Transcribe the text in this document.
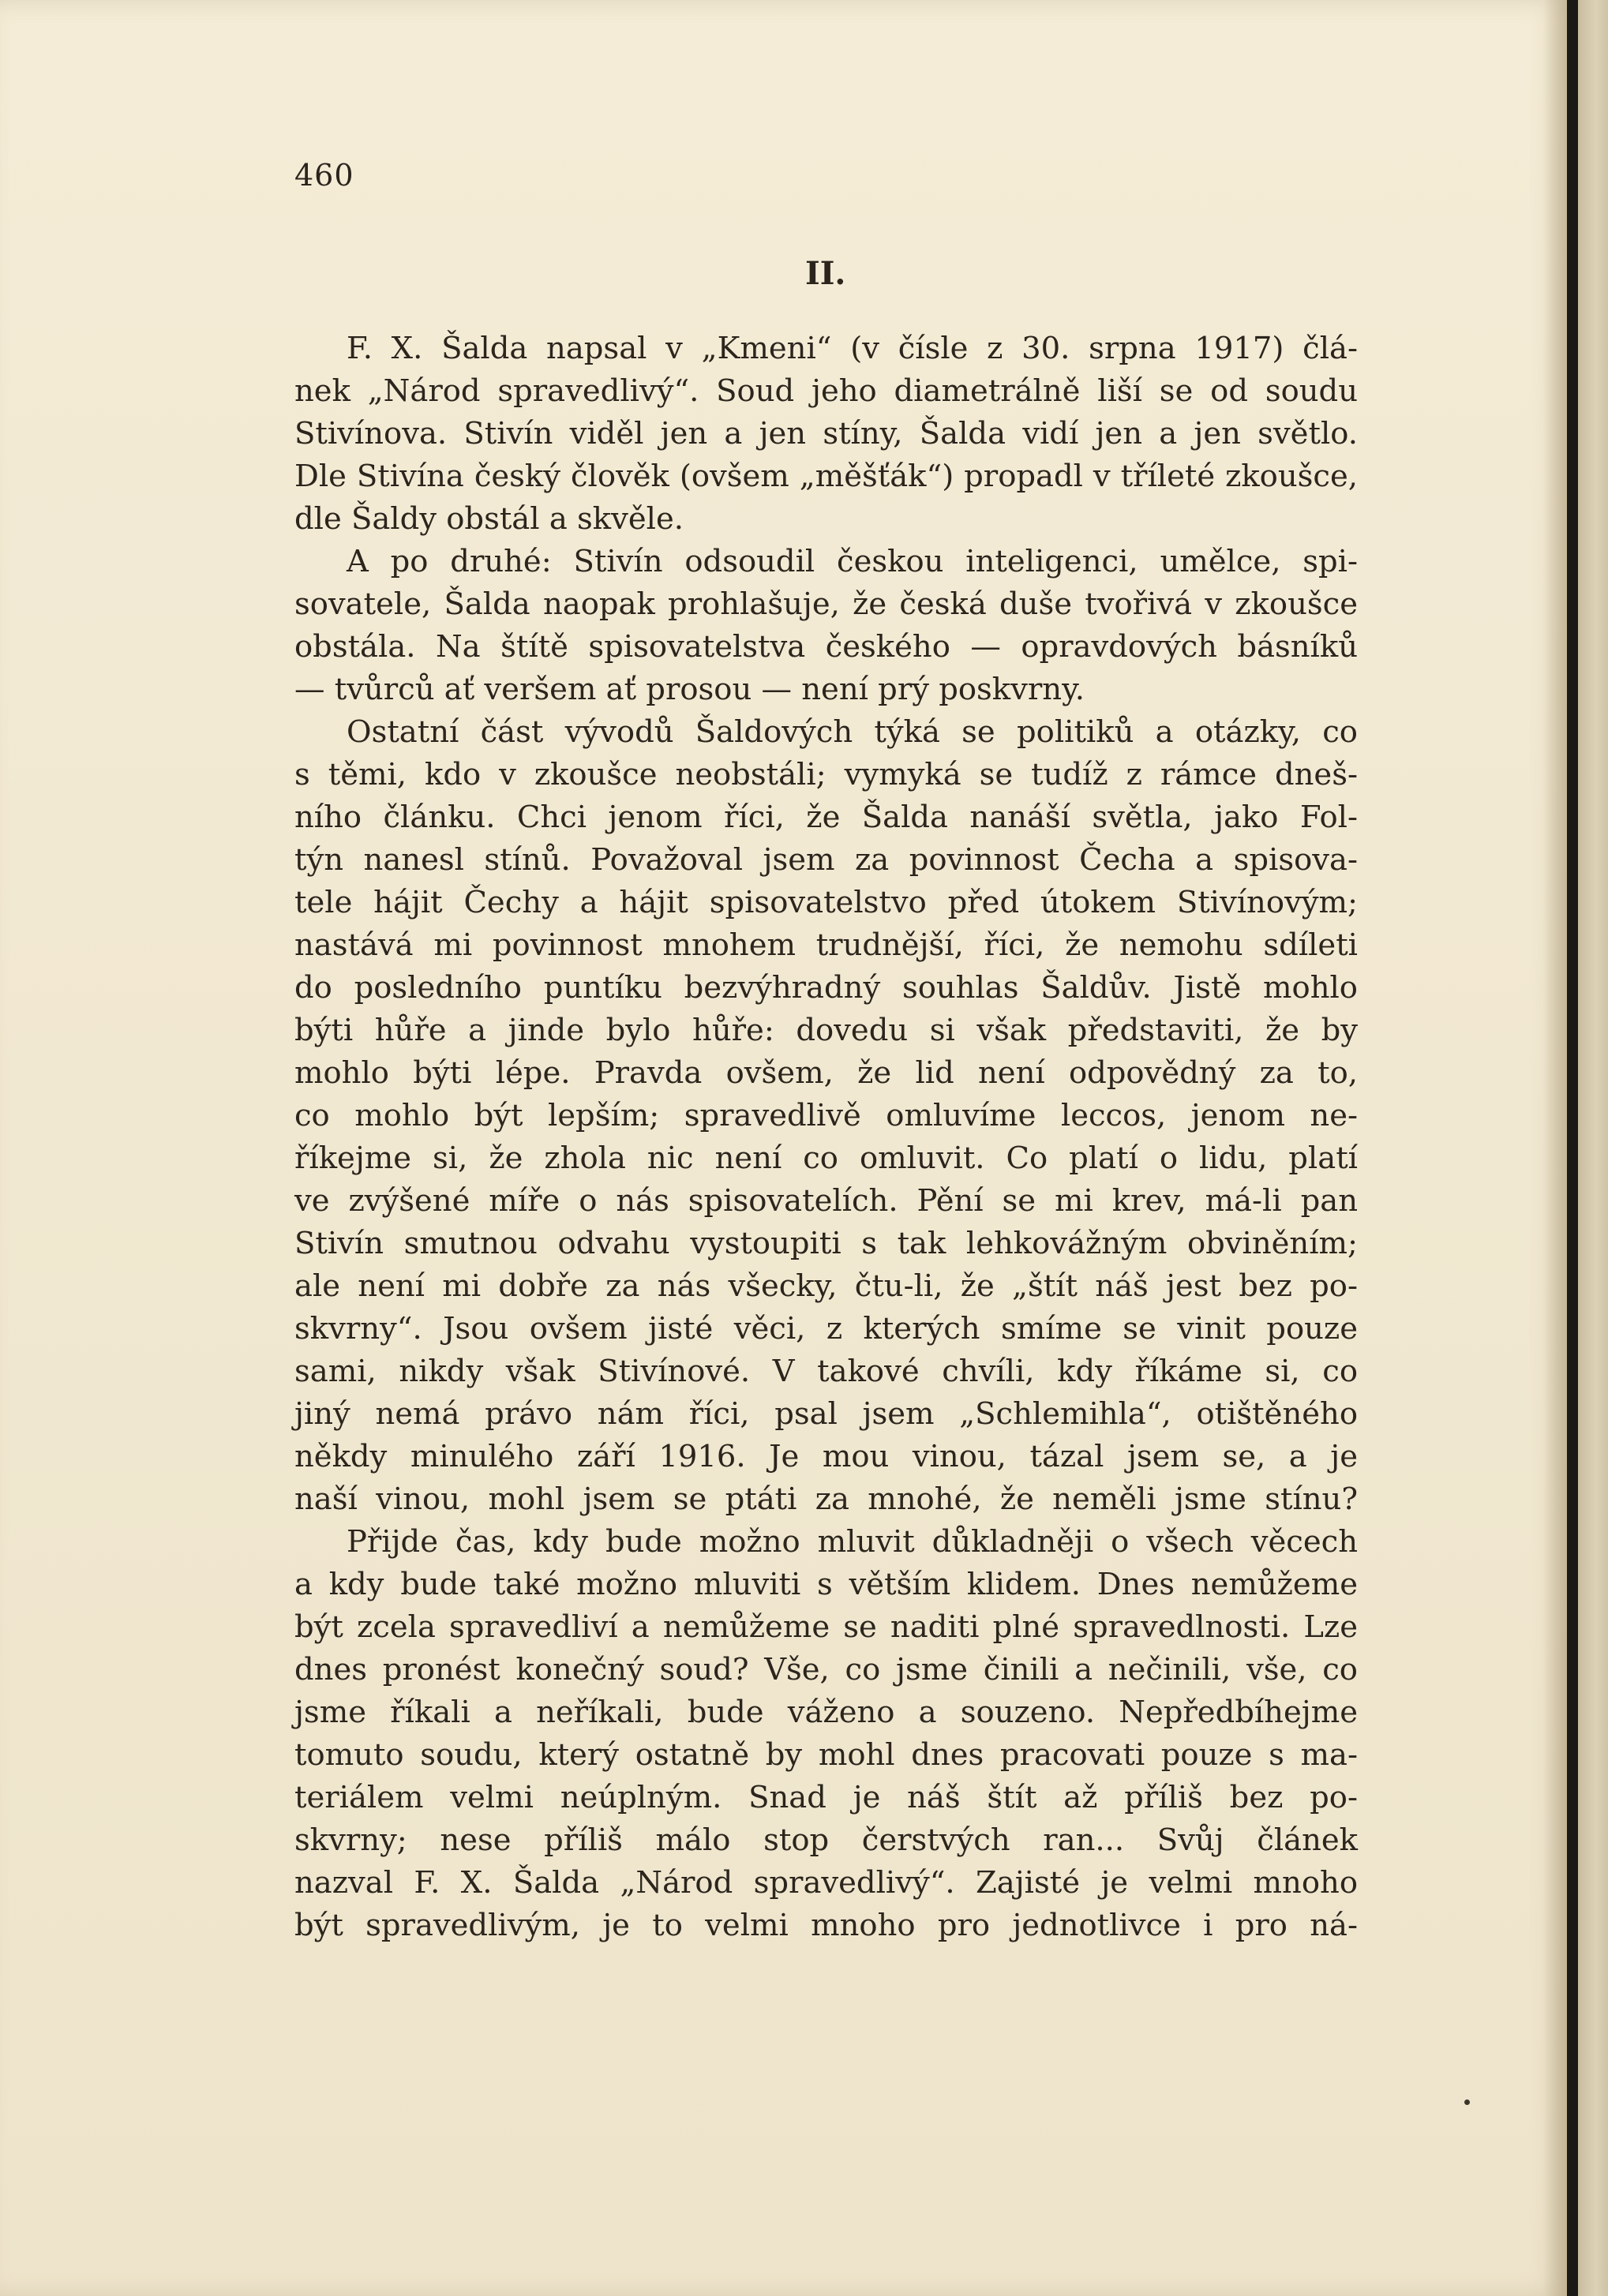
460
II.
F. X. Šalda napsal v „Kmeni“ (v čísle z 30. srpna 1917) člá‑
nek „Národ spravedlivý“. Soud jeho diametrálně liší se od soudu
Stivínova. Stivín viděl jen a jen stíny, Šalda vidí jen a jen světlo.
Dle Stivína český člověk (ovšem „měšťák“) propadl v tříleté zkoušce,
dle Šaldy obstál a skvěle.
A po druhé: Stivín odsoudil českou inteligenci, umělce, spi‑
sovatele, Šalda naopak prohlašuje, že česká duše tvořivá v zkoušce
obstála. Na štítě spisovatelstva českého — opravdových básníků
— tvůrců ať veršem ať prosou — není prý poskvrny.
Ostatní část vývodů Šaldových týká se politiků a otázky, co
s těmi, kdo v zkoušce neobstáli; vymyká se tudíž z rámce dneš‑
ního článku. Chci jenom říci, že Šalda nanáší světla, jako Fol‑
týn nanesl stínů. Považoval jsem za povinnost Čecha a spisova‑
tele hájit Čechy a hájit spisovatelstvo před útokem Stivínovým;
nastává mi povinnost mnohem trudnější, říci, že nemohu sdíleti
do posledního puntíku bezvýhradný souhlas Šaldův. Jistě mohlo
býti hůře a jinde bylo hůře: dovedu si však představiti, že by
mohlo býti lépe. Pravda ovšem, že lid není odpovědný za to,
co mohlo být lepším; spravedlivě omluvíme leccos, jenom ne‑
říkejme si, že zhola nic není co omluvit. Co platí o lidu, platí
ve zvýšené míře o nás spisovatelích. Pění se mi krev, má‑li pan
Stivín smutnou odvahu vystoupiti s tak lehkovážným obviněním;
ale není mi dobře za nás všecky, čtu‑li, že „štít náš jest bez po‑
skvrny“. Jsou ovšem jisté věci, z kterých smíme se vinit pouze
sami, nikdy však Stivínové. V takové chvíli, kdy říkáme si, co
jiný nemá právo nám říci, psal jsem „Schlemihla“, otištěného
někdy minulého září 1916. Je mou vinou, tázal jsem se, a je
naší vinou, mohl jsem se ptáti za mnohé, že neměli jsme stínu?
Přijde čas, kdy bude možno mluvit důkladněji o všech věcech
a kdy bude také možno mluviti s větším klidem. Dnes nemůžeme
být zcela spravedliví a nemůžeme se naditi plné spravedlnosti. Lze
dnes pronést konečný soud? Vše, co jsme činili a nečinili, vše, co
jsme říkali a neříkali, bude váženo a souzeno. Nepředbíhejme
tomuto soudu, který ostatně by mohl dnes pracovati pouze s ma‑
teriálem velmi neúplným. Snad je náš štít až příliš bez po‑
skvrny; nese příliš málo stop čerstvých ran... Svůj článek
nazval F. X. Šalda „Národ spravedlivý“. Zajisté je velmi mnoho
být spravedlivým, je to velmi mnoho pro jednotlivce i pro ná‑
